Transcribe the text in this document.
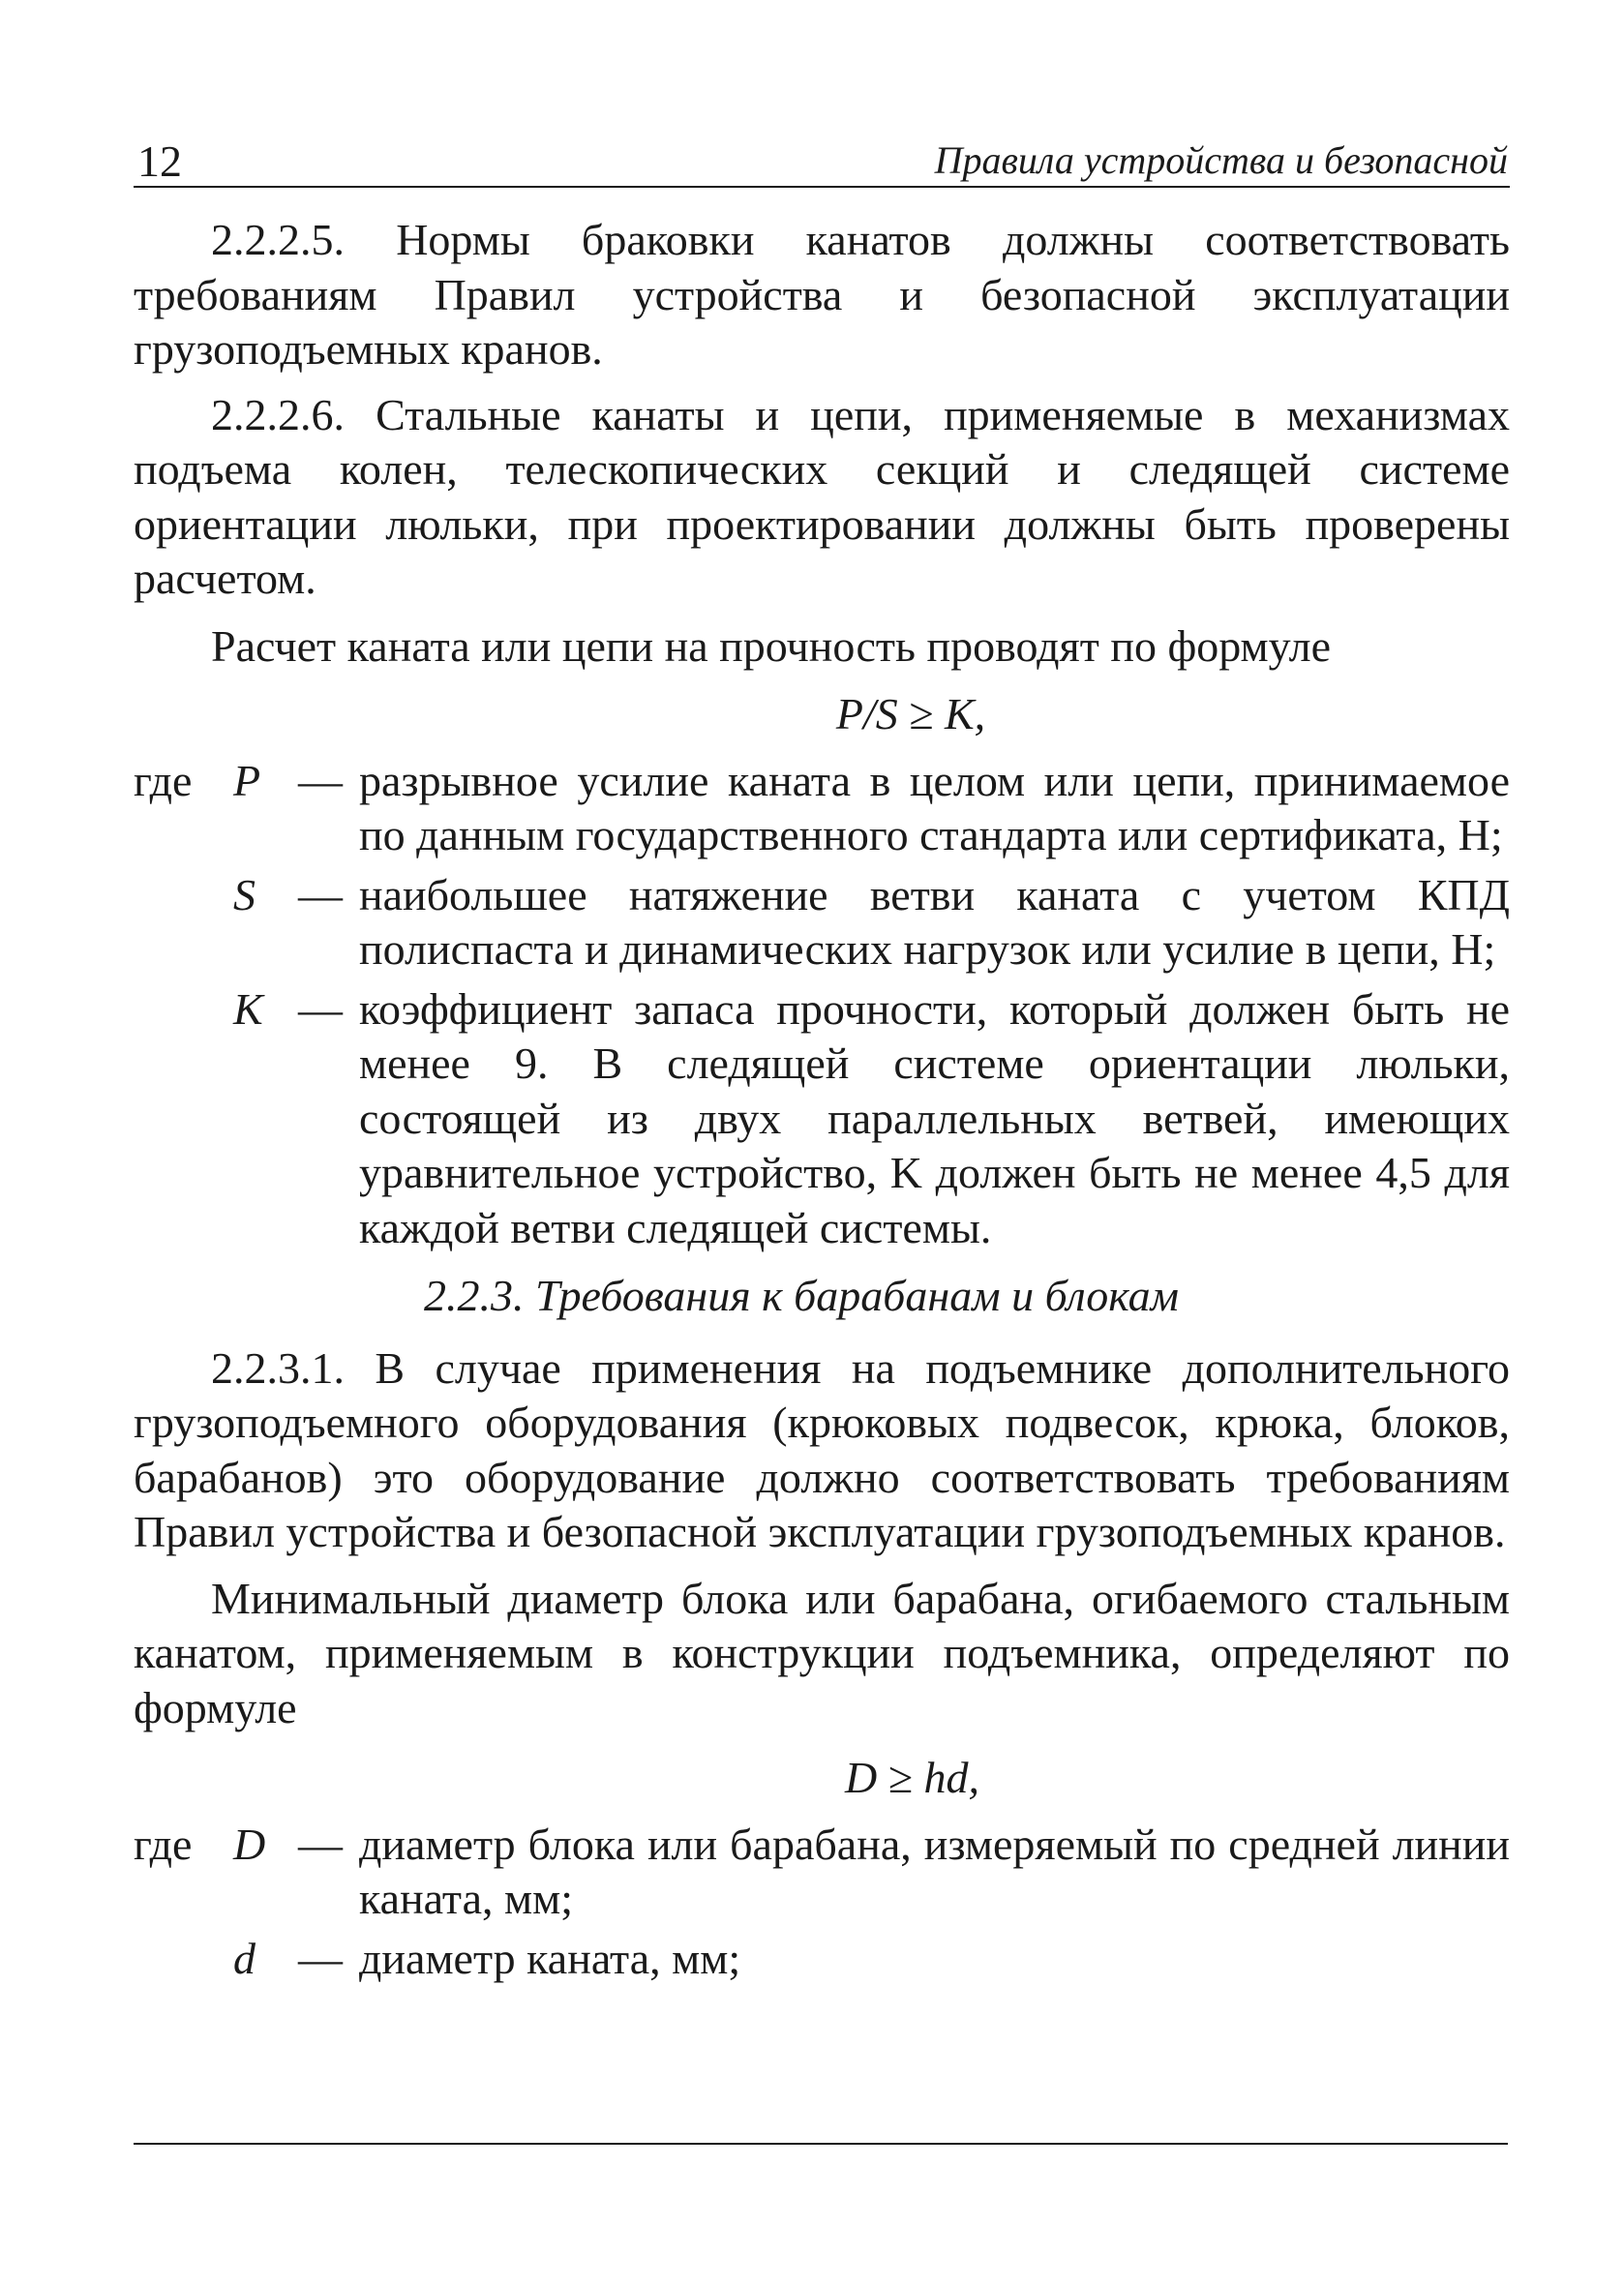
12	Правила устройства и безопасной

2.2.2.5. Нормы браковки канатов должны соответствовать требованиям Правил устройства и безопасной эксплуатации грузоподъемных кранов.

2.2.2.6. Стальные канаты и цепи, применяемые в механизмах подъема колен, телескопических секций и следящей системе ориентации люльки, при проектировании должны быть проверены расчетом.

Расчет каната или цепи на прочность проводят по формуле

P/S ≥ K,
где P — разрывное усилие каната в целом или цепи, принимаемое по данным государственного стандарта или сертификата, Н;
S — наибольшее натяжение ветви каната с учетом КПД полиспаста и динамических нагрузок или усилие в цепи, Н;
K — коэффициент запаса прочности, который должен быть не менее 9. В следящей системе ориентации люльки, состоящей из двух параллельных ветвей, имеющих уравнительное устройство, K должен быть не менее 4,5 для каждой ветви следящей системы.
2.2.3. Требования к барабанам и блокам

2.2.3.1. В случае применения на подъемнике дополнительного грузоподъемного оборудования (крюковых подвесок, крюка, блоков, барабанов) это оборудование должно соответствовать требованиям Правил устройства и безопасной эксплуатации грузоподъемных кранов.

Минимальный диаметр блока или барабана, огибаемого стальным канатом, применяемым в конструкции подъемника, определяют по формуле

D ≥ hd,
где D — диаметр блока или барабана, измеряемый по средней линии каната, мм;
d — диаметр каната, мм;
